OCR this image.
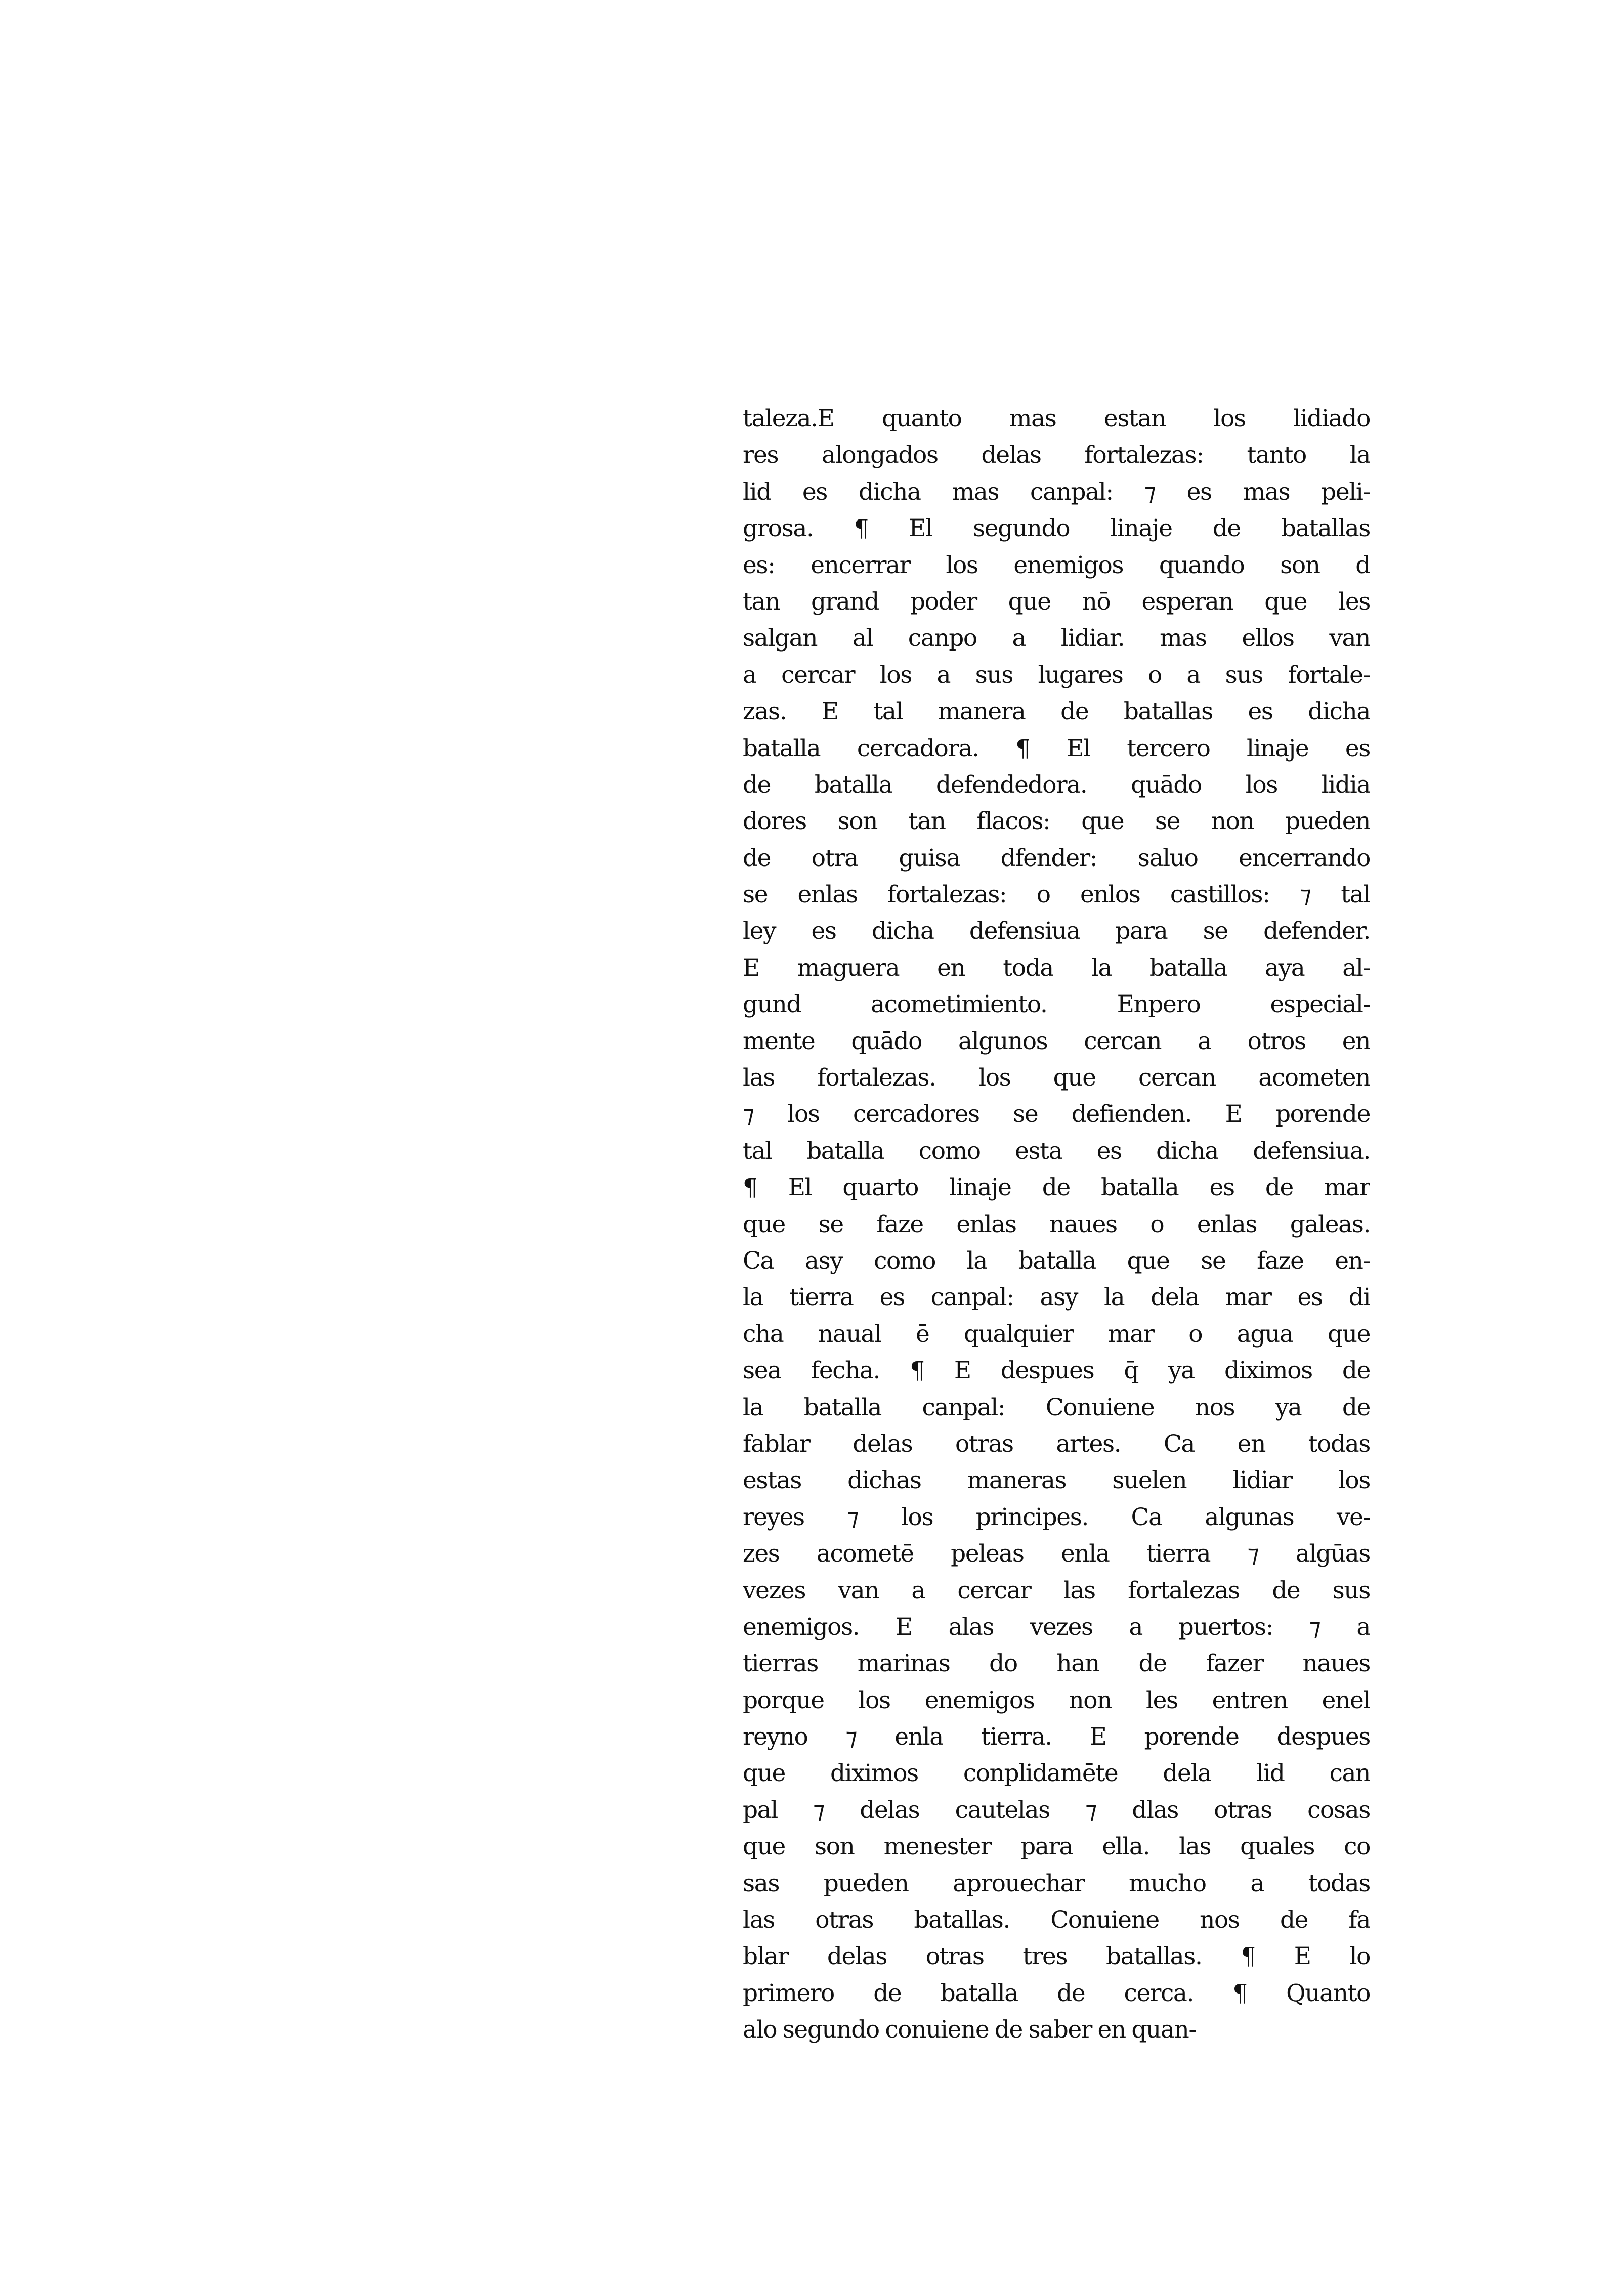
taleza.E quanto mas estan los lidiado
res alongados delas fortalezas: tanto la
lid es dicha mas canpal: ⁊ es mas peli-
grosa. ¶ El segundo linaje de batallas
es: encerrar los enemigos quando son d
tan grand poder que nō esperan que les
salgan al canpo a lidiar. mas ellos van
a cercar los a sus lugares o a sus fortale-
zas. E tal manera de batallas es dicha
batalla cercadora. ¶ El tercero linaje es
de batalla defendedora. quādo los lidia
dores son tan flacos: que se non pueden
de otra guisa dfender: saluo encerrando
se enlas fortalezas: o enlos castillos: ⁊ tal
ley es dicha defensiua para se defender.
E maguera en toda la batalla aya al-
gund acometimiento. Enpero especial-
mente quādo algunos cercan a otros en
las fortalezas. los que cercan acometen
⁊ los cercadores se defienden. E porende
tal batalla como esta es dicha defensiua.
¶ El quarto linaje de batalla es de mar
que se faze enlas naues o enlas galeas.
Ca asy como la batalla que se faze en-
la tierra es canpal: asy la dela mar es di
cha naual ē qualquier mar o agua que
sea fecha. ¶ E despues q̄ ya diximos de
la batalla canpal: Conuiene nos ya de
fablar delas otras artes. Ca en todas
estas dichas maneras suelen lidiar los
reyes ⁊ los principes. Ca algunas ve-
zes acometē peleas enla tierra ⁊ algūas
vezes van a cercar las fortalezas de sus
enemigos. E alas vezes a puertos: ⁊ a
tierras marinas do han de fazer naues
porque los enemigos non les entren enel
reyno ⁊ enla tierra. E porende despues
que diximos conplidamēte dela lid can
pal ⁊ delas cautelas ⁊ dlas otras cosas
que son menester para ella. las quales co
sas pueden aprouechar mucho a todas
las otras batallas. Conuiene nos de fa
blar delas otras tres batallas. ¶ E lo
primero de batalla de cerca. ¶ Quanto
alo segundo conuiene de saber en quan-
